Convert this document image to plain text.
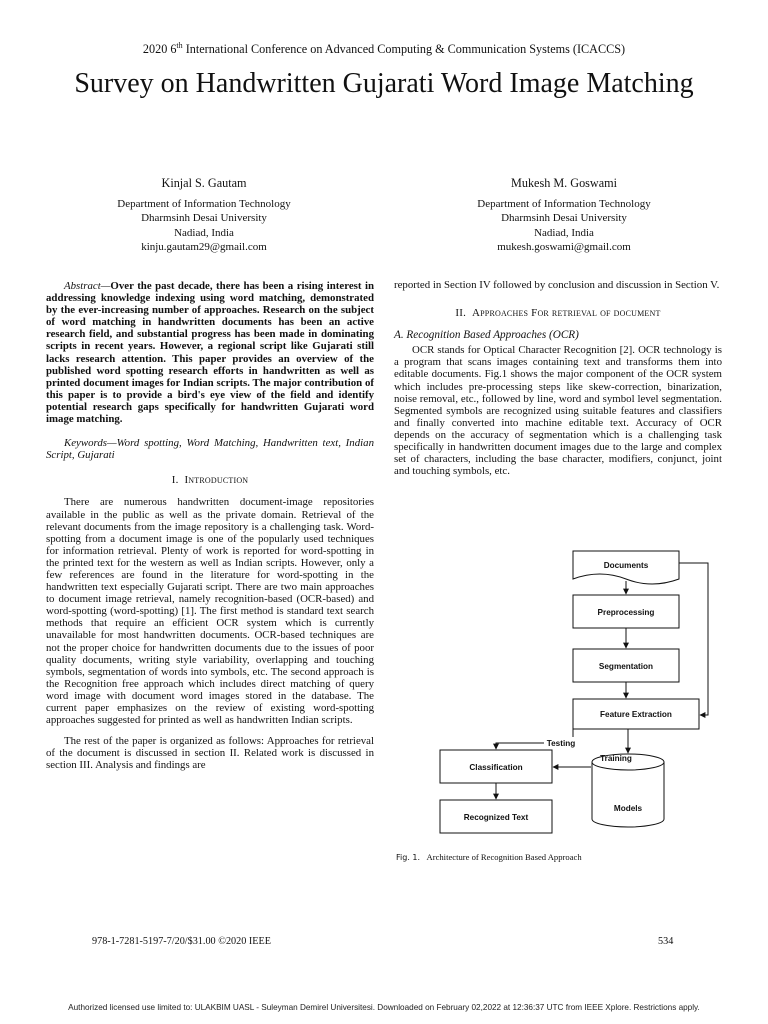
2020 6th International Conference on Advanced Computing & Communication Systems (ICACCS)
Survey on Handwritten Gujarati Word Image Matching
Kinjal S. Gautam
Department of Information Technology
Dharmsinh Desai University
Nadiad, India
kinju.gautam29@gmail.com
Mukesh M. Goswami
Department of Information Technology
Dharmsinh Desai University
Nadiad, India
mukesh.goswami@gmail.com

Abstract—Over the past decade, there has been a rising interest in addressing knowledge indexing using word matching, demonstrated by the ever-increasing number of approaches. Research on the subject of word matching in handwritten documents has been an active research field, and substantial progress has been made in dominating scripts in recent years. However, a regional script like Gujarati still lacks research attention. This paper provides an overview of the published word spotting research efforts in handwritten as well as printed document images for Indian scripts. The major contribution of this paper is to provide a bird's eye view of the field and identify potential research gaps specifically for handwritten Gujarati word image matching.

Keywords—Word spotting, Word Matching, Handwritten text, Indian Script, Gujarati

I. Introduction

There are numerous handwritten document-image repositories available in the public as well as the private domain. Retrieval of the relevant documents from the image repository is a challenging task. Word-spotting from a document image is one of the popularly used techniques for information retrieval. Plenty of work is reported for word-spotting in the printed text for the western as well as Indian scripts. However, only a few references are found in the literature for word-spotting in the handwritten text especially Gujarati script. There are two main approaches to document image retrieval, namely recognition-based (OCR-based) and word-spotting (word-spotting) [1]. The first method is standard text search methods that require an efficient OCR system which is currently unavailable for most handwritten documents. OCR-based techniques are not the proper choice for handwritten documents due to the issues of poor quality documents, writing style variability, overlapping and touching symbols, segmentation of words into symbols, etc. The second approach is the Recognition free approach which includes direct matching of query word image with document word images stored in the database. The current paper emphasizes on the review of existing word-spotting approaches suggested for printed as well as handwritten Indian scripts.

The rest of the paper is organized as follows: Approaches for retrieval of the document is discussed in section II. Related work is discussed in section III. Analysis and findings are

reported in Section IV followed by conclusion and discussion in Section V.

II. Approaches For retrieval of document

A. Recognition Based Approaches (OCR)

OCR stands for Optical Character Recognition [2]. OCR technology is a program that scans images containing text and transforms them into editable documents. Fig.1 shows the major component of the OCR system which includes pre-processing steps like skew-correction, binarization, noise removal, etc., followed by line, word and symbol level segmentation. Segmented symbols are recognized using suitable features and classifiers and finally converted into machine editable text. Accuracy of OCR depends on the accuracy of segmentation which is a challenging task specifically in handwritten document images due to the large and complex set of characters, including the base character, modifiers, conjunct, joint and touching symbols, etc.

Documents
Preprocessing
Segmentation
Feature Extraction
Classification
Recognized Text
Models
Testing
Training
Fig. 1. Architecture of Recognition Based Approach
978-1-7281-5197-7/20/$31.00 ©2020 IEEE	534
Authorized licensed use limited to: ULAKBIM UASL - Suleyman Demirel Universitesi. Downloaded on February 02,2022 at 12:36:37 UTC from IEEE Xplore. Restrictions apply.
